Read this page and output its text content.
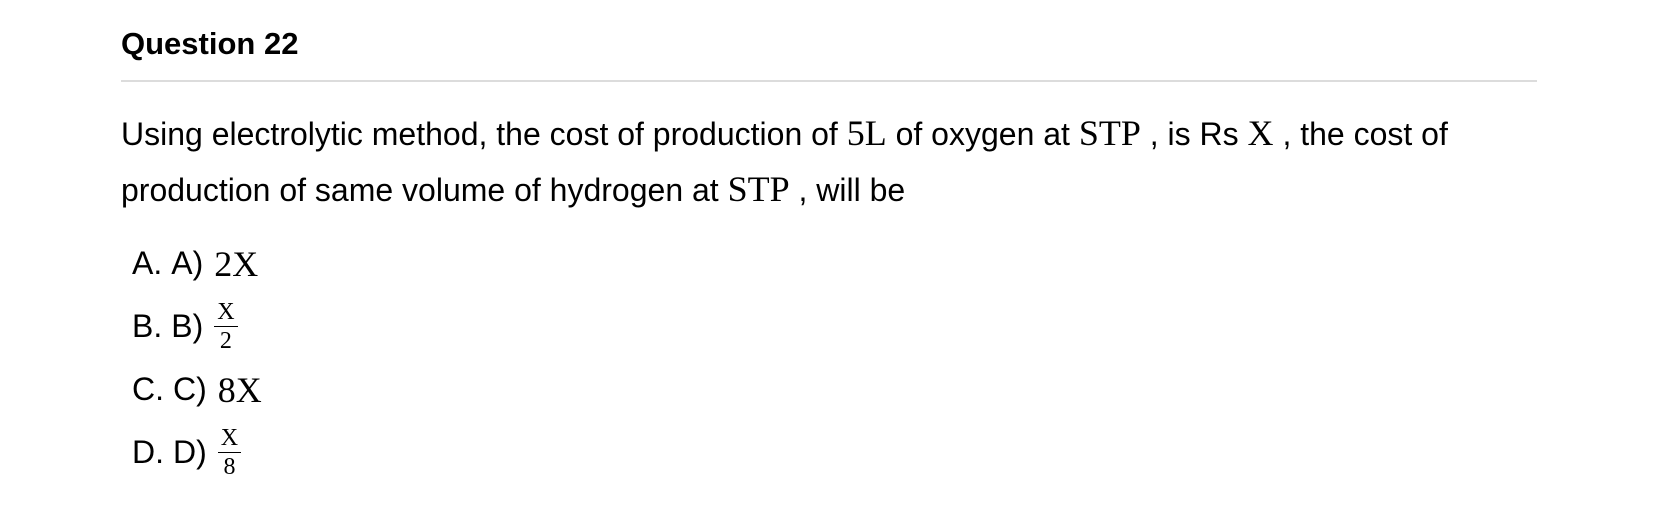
Question 22
Using electrolytic method, the cost of production of 5L of oxygen at STP , is Rs X , the cost of production of same volume of hydrogen at STP , will be
A. A) 2X
B. $B) \frac{X}{2}$
C. C) 8X
D. $D) \frac{X}{8}$
